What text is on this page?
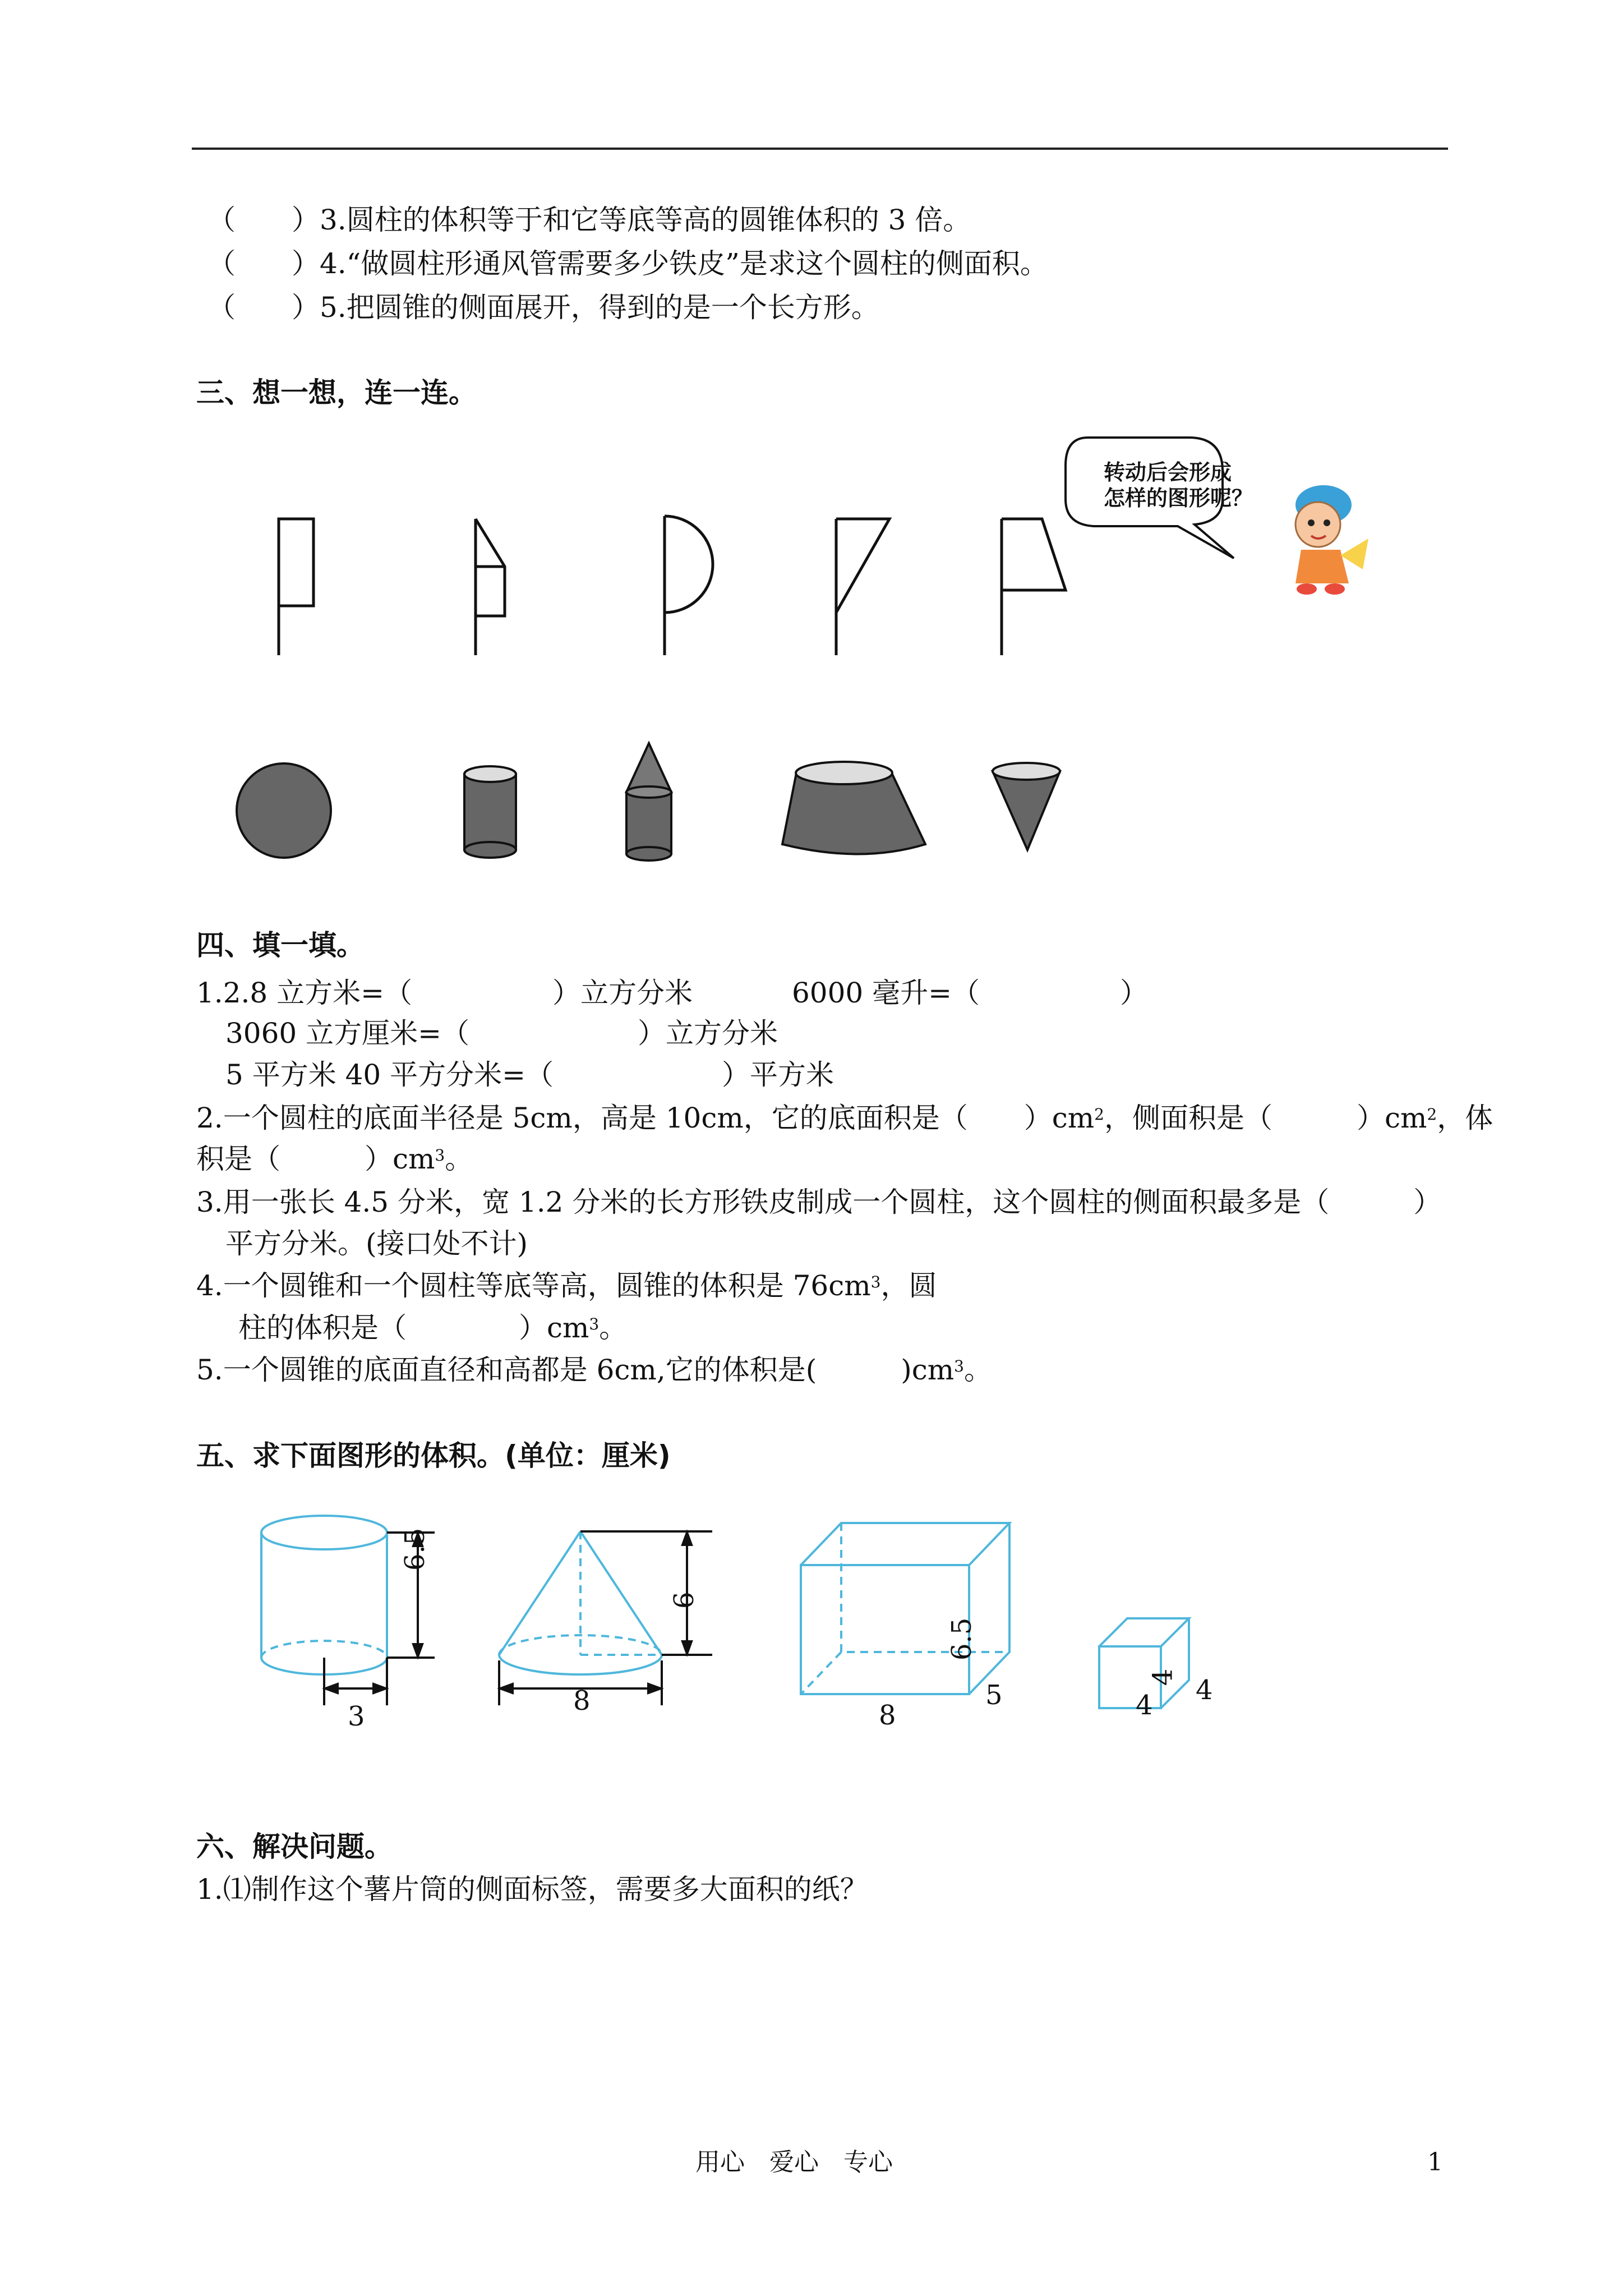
（　　）3.圆柱的体积等于和它等底等高的圆锥体积的 3 倍。
（　　）4.“做圆柱形通风管需要多少铁皮”是求这个圆柱的侧面积。
（　　）5.把圆锥的侧面展开，得到的是一个长方形。
三、想一想，连一连。
转动后会形成
怎样的图形呢？
四、填一填。
1.2.8 立方米=（　　　　　）立方分米	6000 毫升=（　　　　　）
3060 立方厘米=（　　　　　　）立方分米
5 平方米 40 平方分米=（　　　　　　）平方米
2.一个圆柱的底面半径是 5cm，高是 10cm，它的底面积是（　　）$cm^2$，侧面积是（　　　）$cm^2$，体
积是（　　　）$cm^3$。
3.用一张长 4.5 分米，宽 1.2 分米的长方形铁皮制成一个圆柱，这个圆柱的侧面积最多是（　　　）
平方分米。(接口处不计)
4.一个圆锥和一个圆柱等底等高，圆锥的体积是 $76cm^3$，圆
柱的体积是（　　　　）$cm^3$。
5.一个圆锥的底面直径和高都是 6cm,它的体积是(　　　)$cm^3$。
五、求下面图形的体积。(单位：厘米)
6.5
3
6
8
6.5
8
5
4
4 4
六、解决问题。
1.⑴制作这个薯片筒的侧面标签，需要多大面积的纸？
用心　爱心　专心	1
